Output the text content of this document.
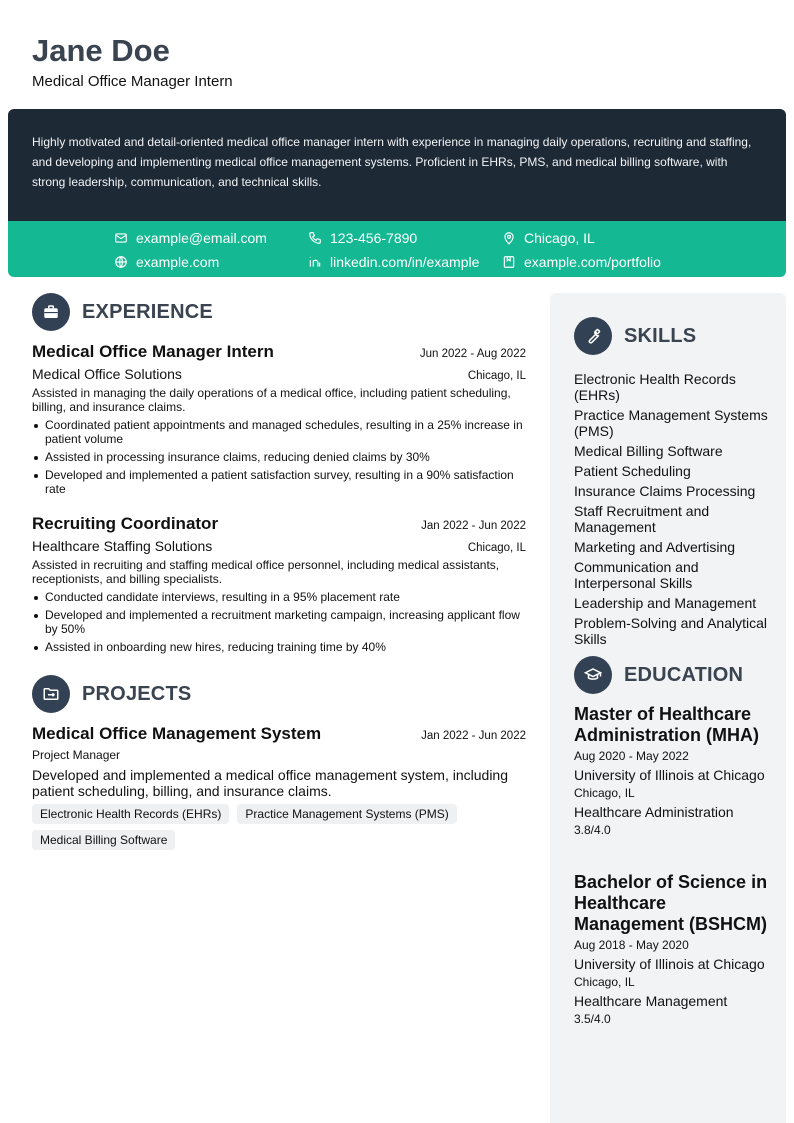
Jane Doe
Medical Office Manager Intern
Highly motivated and detail-oriented medical office manager intern with experience in managing daily operations, recruiting and staffing, and developing and implementing medical office management systems. Proficient in EHRs, PMS, and medical billing software, with strong leadership, communication, and technical skills.
example@email.com	123-456-7890	Chicago, IL
example.com	linkedin.com/in/example	example.com/portfolio
EXPERIENCE
Medical Office Manager Intern	Jun 2022 - Aug 2022
Medical Office Solutions	Chicago, IL
Assisted in managing the daily operations of a medical office, including patient scheduling, billing, and insurance claims.
Coordinated patient appointments and managed schedules, resulting in a 25% increase in patient volume
Assisted in processing insurance claims, reducing denied claims by 30%
Developed and implemented a patient satisfaction survey, resulting in a 90% satisfaction rate
Recruiting Coordinator	Jan 2022 - Jun 2022
Healthcare Staffing Solutions	Chicago, IL
Assisted in recruiting and staffing medical office personnel, including medical assistants, receptionists, and billing specialists.
Conducted candidate interviews, resulting in a 95% placement rate
Developed and implemented a recruitment marketing campaign, increasing applicant flow by 50%
Assisted in onboarding new hires, reducing training time by 40%
PROJECTS
Medical Office Management System	Jan 2022 - Jun 2022
Project Manager
Developed and implemented a medical office management system, including patient scheduling, billing, and insurance claims.
Electronic Health Records (EHRs)	Practice Management Systems (PMS)
Medical Billing Software
SKILLS
Electronic Health Records (EHRs)
Practice Management Systems (PMS)
Medical Billing Software
Patient Scheduling
Insurance Claims Processing
Staff Recruitment and Management
Marketing and Advertising
Communication and Interpersonal Skills
Leadership and Management
Problem-Solving and Analytical Skills
EDUCATION
Master of Healthcare Administration (MHA)
Aug 2020 - May 2022
University of Illinois at Chicago
Chicago, IL
Healthcare Administration
3.8/4.0
Bachelor of Science in Healthcare Management (BSHCM)
Aug 2018 - May 2020
University of Illinois at Chicago
Chicago, IL
Healthcare Management
3.5/4.0
